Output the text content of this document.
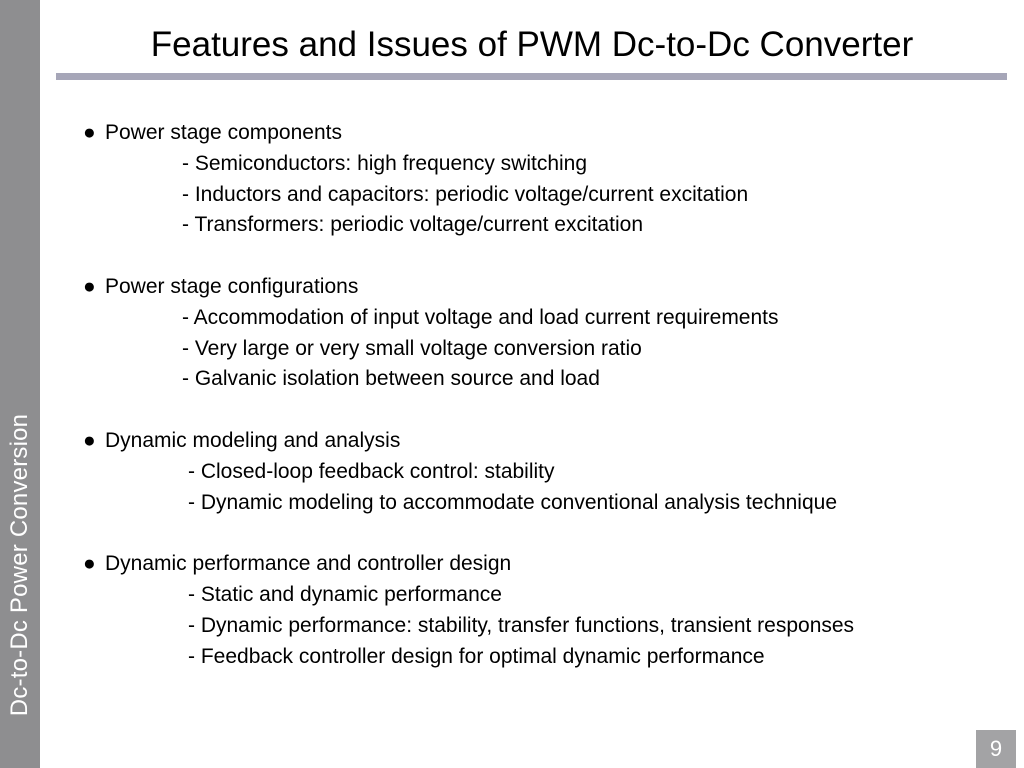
Dc-to-Dc Power Conversion
Features and Issues of PWM Dc-to-Dc Converter
● Power stage components
- Semiconductors: high frequency switching
- Inductors and capacitors: periodic voltage/current excitation
- Transformers: periodic voltage/current excitation
● Power stage configurations
- Accommodation of input voltage and load current requirements
- Very large or very small voltage conversion ratio
- Galvanic isolation between source and load
● Dynamic modeling and analysis
- Closed-loop feedback control: stability
- Dynamic modeling to accommodate conventional analysis technique
● Dynamic performance and controller design
- Static and dynamic performance
- Dynamic performance: stability, transfer functions, transient responses
- Feedback controller design for optimal dynamic performance
9
